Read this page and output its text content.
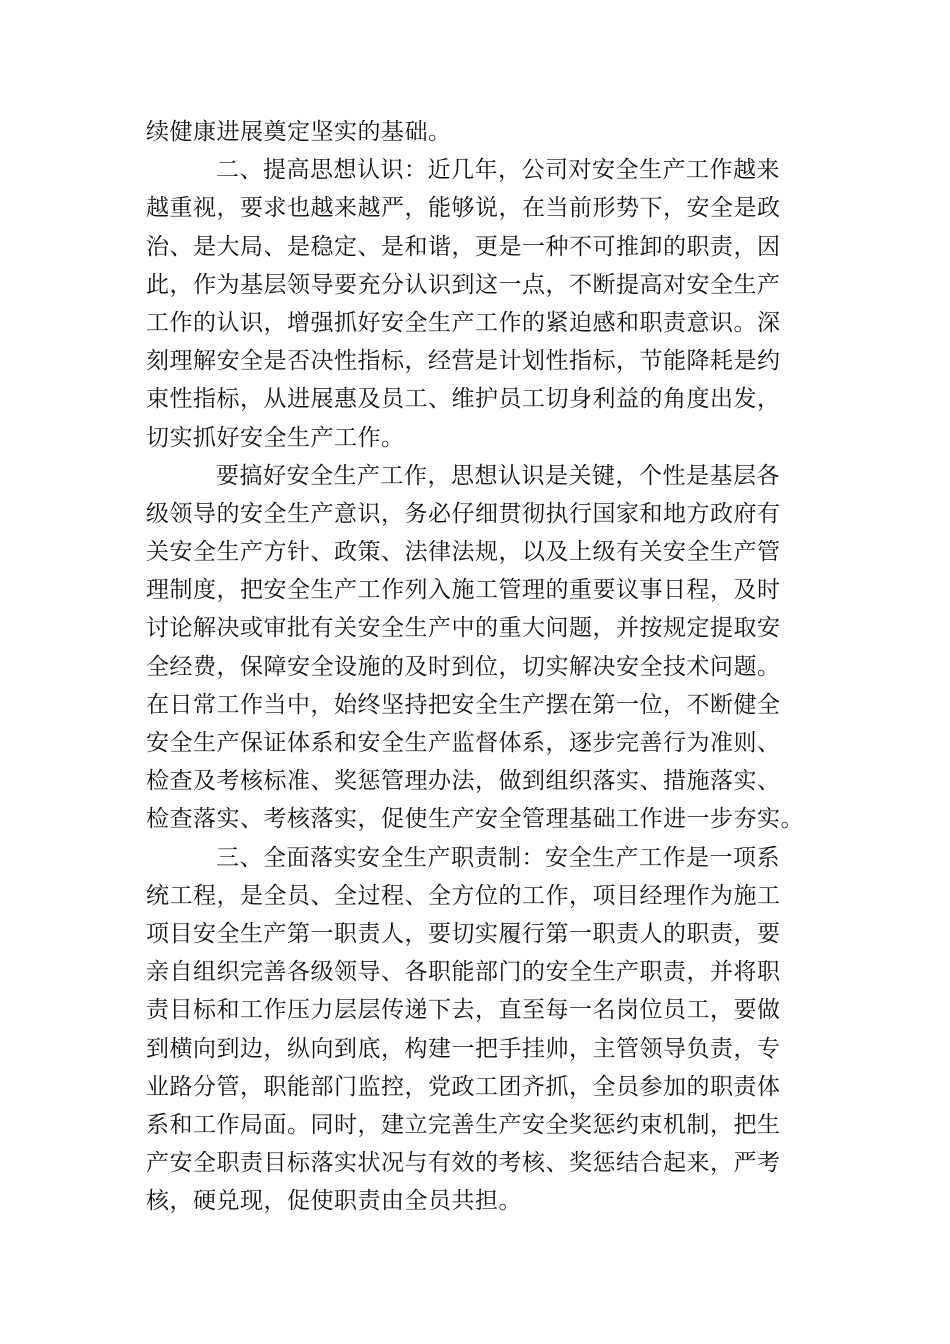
续健康进展奠定坚实的基础。
二、提高思想认识：近几年，公司对安全生产工作越来
越重视，要求也越来越严，能够说，在当前形势下，安全是政
治、是大局、是稳定、是和谐，更是一种不可推卸的职责，因
此，作为基层领导要充分认识到这一点，不断提高对安全生产
工作的认识，增强抓好安全生产工作的紧迫感和职责意识。深
刻理解安全是否决性指标，经营是计划性指标，节能降耗是约
束性指标，从进展惠及员工、维护员工切身利益的角度出发，
切实抓好安全生产工作。
要搞好安全生产工作，思想认识是关键，个性是基层各
级领导的安全生产意识，务必仔细贯彻执行国家和地方政府有
关安全生产方针、政策、法律法规，以及上级有关安全生产管
理制度，把安全生产工作列入施工管理的重要议事日程，及时
讨论解决或审批有关安全生产中的重大问题，并按规定提取安
全经费，保障安全设施的及时到位，切实解决安全技术问题。
在日常工作当中，始终坚持把安全生产摆在第一位，不断健全
安全生产保证体系和安全生产监督体系，逐步完善行为准则、
检查及考核标准、奖惩管理办法，做到组织落实、措施落实、
检查落实、考核落实，促使生产安全管理基础工作进一步夯实。
三、全面落实安全生产职责制：安全生产工作是一项系
统工程，是全员、全过程、全方位的工作，项目经理作为施工
项目安全生产第一职责人，要切实履行第一职责人的职责，要
亲自组织完善各级领导、各职能部门的安全生产职责，并将职
责目标和工作压力层层传递下去，直至每一名岗位员工，要做
到横向到边，纵向到底，构建一把手挂帅，主管领导负责，专
业路分管，职能部门监控，党政工团齐抓，全员参加的职责体
系和工作局面。同时，建立完善生产安全奖惩约束机制，把生
产安全职责目标落实状况与有效的考核、奖惩结合起来，严考
核，硬兑现，促使职责由全员共担。
